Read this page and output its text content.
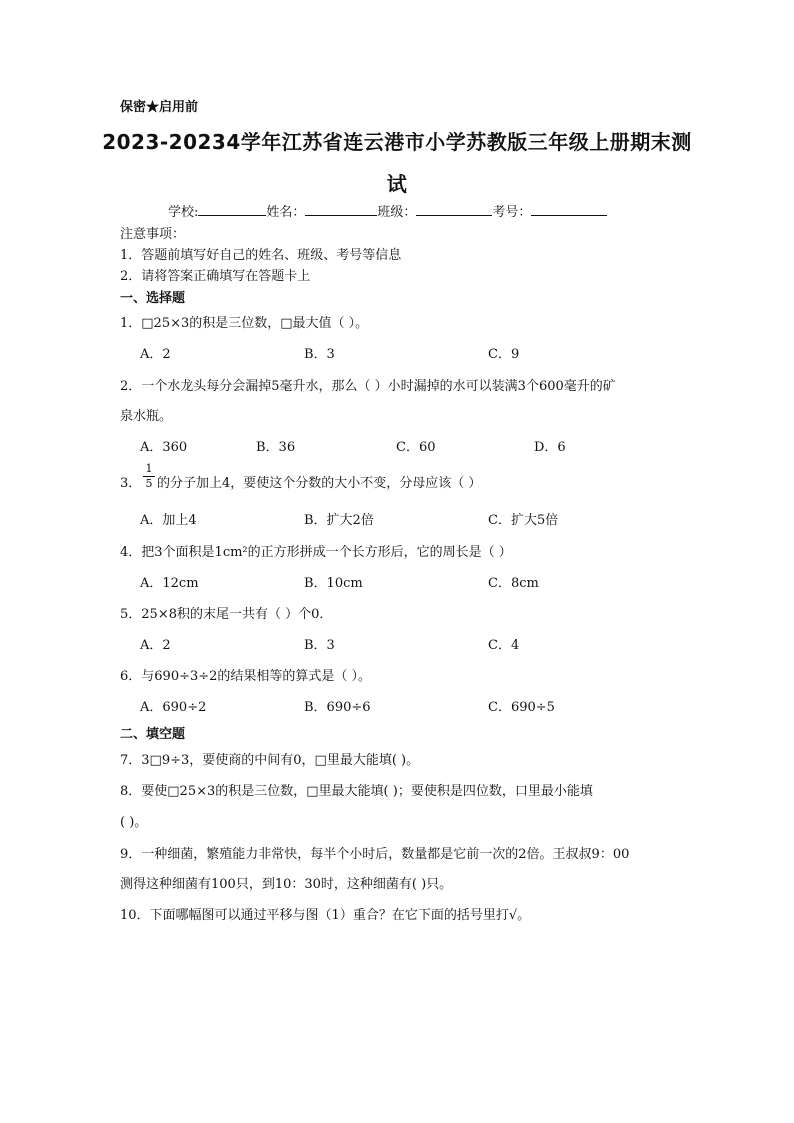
保密★启用前
2023-20234学年江苏省连云港市小学苏教版三年级上册期末测
试
学校:	姓名：	班级：	考号：
注意事项：
1．答题前填写好自己的姓名、班级、考号等信息
2．请将答案正确填写在答题卡上
一、选择题
1．□25×3的积是三位数，□最大值（ ）。
A．2	B．3	C．9
2．一个水龙头每分会漏掉5毫升水，那么（ ）小时漏掉的水可以装满3个600毫升的矿
泉水瓶。
A．360	B．36	C．60	D．6
3．
1
5 的分子加上4，要使这个分数的大小不变，分母应该（ ）
A．加上4	B．扩大2倍	C．扩大5倍
4．把3个面积是1cm²的正方形拼成一个长方形后，它的周长是（ ）
A．12cm	B．10cm	C．8cm
5．25×8积的末尾一共有（ ）个0．
A．2	B．3	C．4
6．与690÷3÷2的结果相等的算式是（ ）。
A．690÷2	B．690÷6	C．690÷5
二、填空题
7．3□9÷3，要使商的中间有0，□里最大能填( )。
8．要使□25×3的积是三位数，□里最大能填( )；要使积是四位数，口里最小能填
( )。
9．一种细菌，繁殖能力非常快，每半个小时后，数量都是它前一次的2倍。王叔叔9：00
测得这种细菌有100只，到10：30时，这种细菌有( )只。
10．下面哪幅图可以通过平移与图（1）重合？在它下面的括号里打√。
